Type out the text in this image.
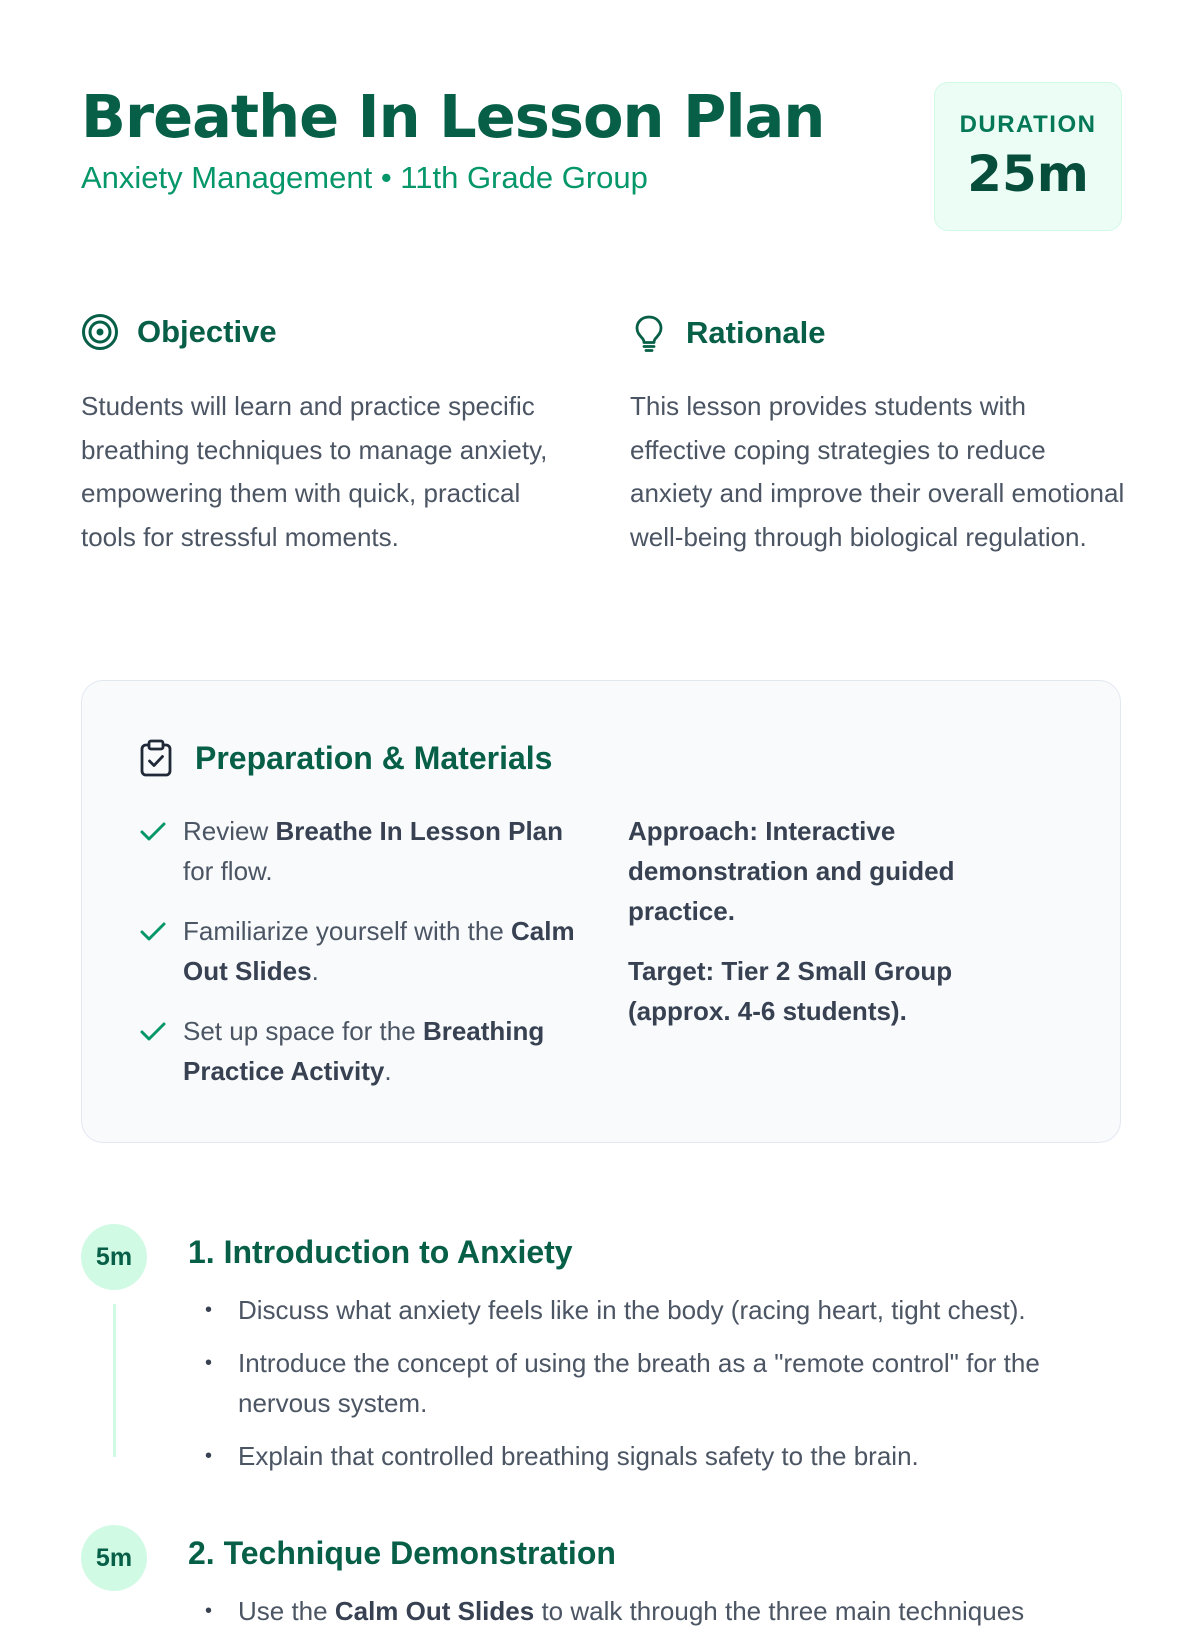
Breathe In Lesson Plan
Anxiety Management • 11th Grade Group
DURATION
25m
Objective

Students will learn and practice specific breathing techniques to manage anxiety, empowering them with quick, practical tools for stressful moments.

Rationale

This lesson provides students with effective coping strategies to reduce anxiety and improve their overall emotional well-being through biological regulation.

Preparation & Materials
Review Breathe In Lesson Plan for flow.
Familiarize yourself with the Calm Out Slides.
Set up space for the Breathing Practice Activity.

Approach: Interactive demonstration and guided practice.

Target: Tier 2 Small Group (approx. 4-6 students).

5m	1. Introduction to Anxiety
• Discuss what anxiety feels like in the body (racing heart, tight chest).
• Introduce the concept of using the breath as a "remote control" for the nervous system.
• Explain that controlled breathing signals safety to the brain.
5m	2. Technique Demonstration
• Use the Calm Out Slides to walk through the three main techniques
